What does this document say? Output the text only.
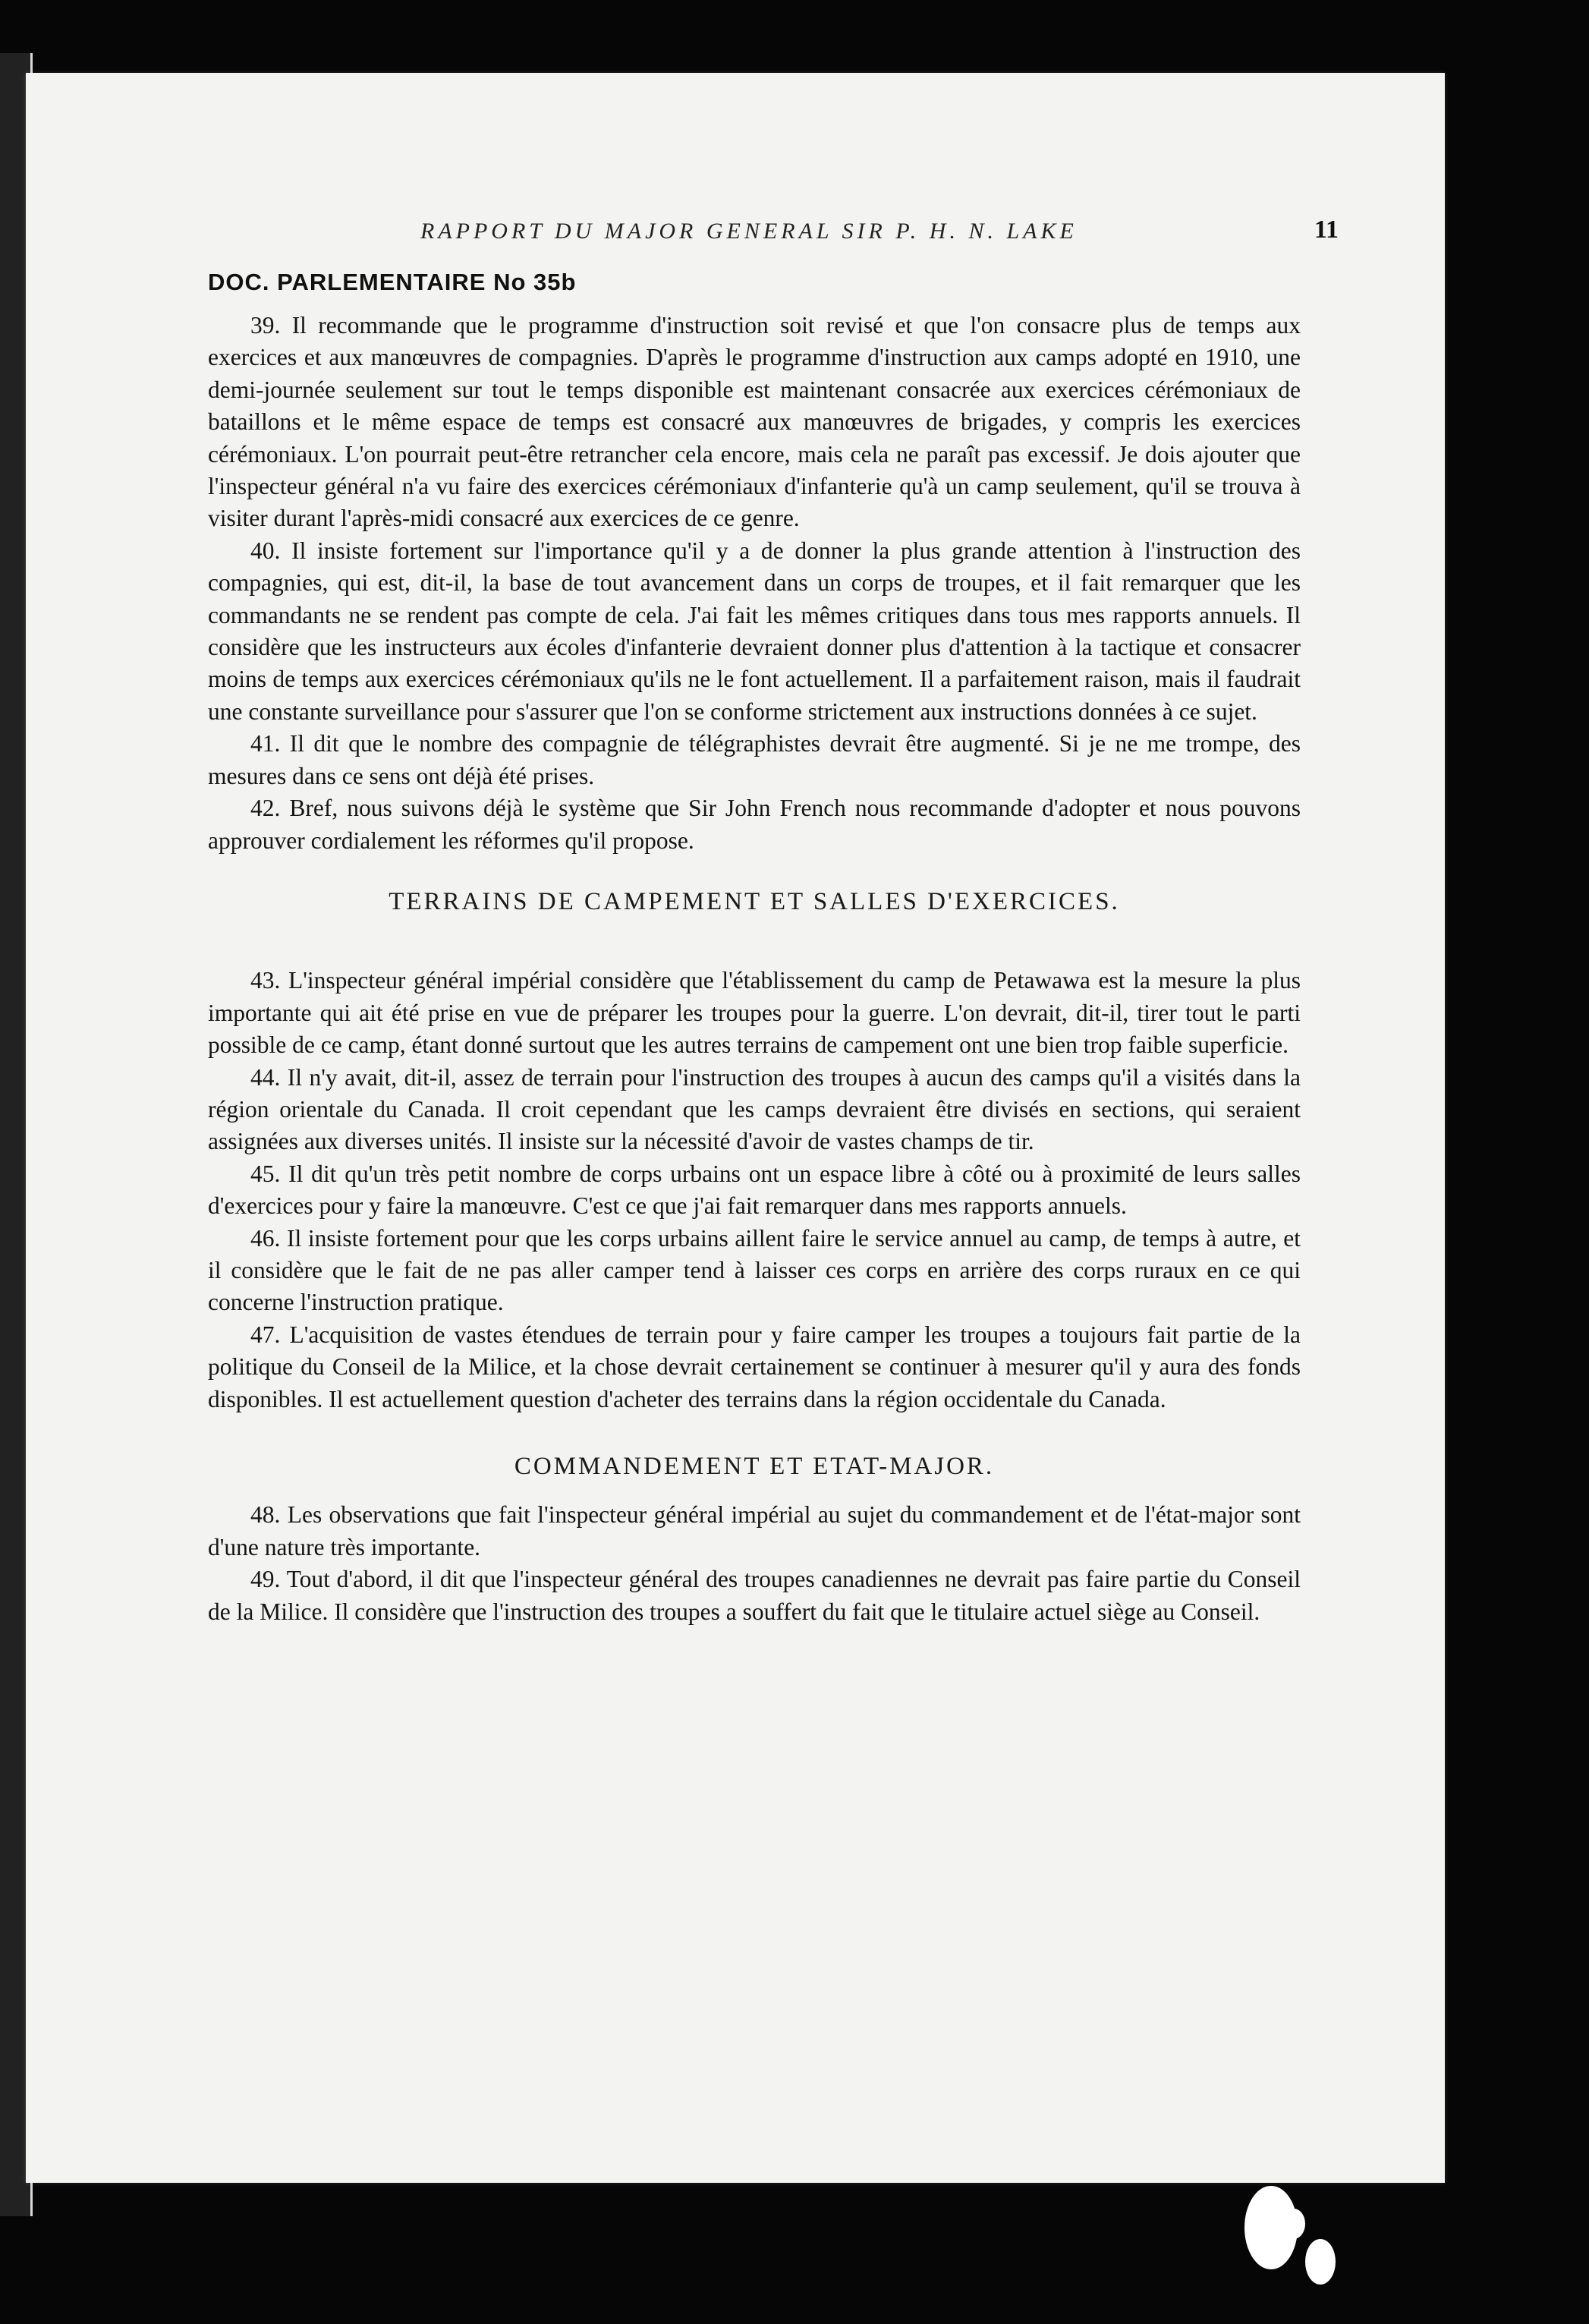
RAPPORT DU MAJOR GENERAL SIR P. H. N. LAKE	11
DOC. PARLEMENTAIRE No 35b

39. Il recommande que le programme d'instruction soit revisé et que l'on consacre plus de temps aux exercices et aux manœuvres de compagnies. D'après le programme d'instruction aux camps adopté en 1910, une demi-journée seulement sur tout le temps disponible est maintenant consacrée aux exercices cérémoniaux de bataillons et le même espace de temps est consacré aux manœuvres de brigades, y compris les exercices cérémoniaux. L'on pourrait peut-être retrancher cela encore, mais cela ne paraît pas excessif. Je dois ajouter que l'inspecteur général n'a vu faire des exercices cérémoniaux d'infanterie qu'à un camp seulement, qu'il se trouva à visiter durant l'après-midi consacré aux exercices de ce genre.

40. Il insiste fortement sur l'importance qu'il y a de donner la plus grande attention à l'instruction des compagnies, qui est, dit-il, la base de tout avancement dans un corps de troupes, et il fait remarquer que les commandants ne se rendent pas compte de cela. J'ai fait les mêmes critiques dans tous mes rapports annuels. Il considère que les instructeurs aux écoles d'infanterie devraient donner plus d'attention à la tactique et consacrer moins de temps aux exercices cérémoniaux qu'ils ne le font actuellement. Il a parfaitement raison, mais il faudrait une constante surveillance pour s'assurer que l'on se conforme strictement aux instructions données à ce sujet.

41. Il dit que le nombre des compagnie de télégraphistes devrait être augmenté. Si je ne me trompe, des mesures dans ce sens ont déjà été prises.

42. Bref, nous suivons déjà le système que Sir John French nous recommande d'adopter et nous pouvons approuver cordialement les réformes qu'il propose.

TERRAINS DE CAMPEMENT ET SALLES D'EXERCICES.

43. L'inspecteur général impérial considère que l'établissement du camp de Petawawa est la mesure la plus importante qui ait été prise en vue de préparer les troupes pour la guerre. L'on devrait, dit-il, tirer tout le parti possible de ce camp, étant donné surtout que les autres terrains de campement ont une bien trop faible superficie.

44. Il n'y avait, dit-il, assez de terrain pour l'instruction des troupes à aucun des camps qu'il a visités dans la région orientale du Canada. Il croit cependant que les camps devraient être divisés en sections, qui seraient assignées aux diverses unités. Il insiste sur la nécessité d'avoir de vastes champs de tir.

45. Il dit qu'un très petit nombre de corps urbains ont un espace libre à côté ou à proximité de leurs salles d'exercices pour y faire la manœuvre. C'est ce que j'ai fait remarquer dans mes rapports annuels.

46. Il insiste fortement pour que les corps urbains aillent faire le service annuel au camp, de temps à autre, et il considère que le fait de ne pas aller camper tend à laisser ces corps en arrière des corps ruraux en ce qui concerne l'instruction pratique.

47. L'acquisition de vastes étendues de terrain pour y faire camper les troupes a toujours fait partie de la politique du Conseil de la Milice, et la chose devrait certainement se continuer à mesurer qu'il y aura des fonds disponibles. Il est actuellement question d'acheter des terrains dans la région occidentale du Canada.

COMMANDEMENT ET ETAT-MAJOR.

48. Les observations que fait l'inspecteur général impérial au sujet du commandement et de l'état-major sont d'une nature très importante.

49. Tout d'abord, il dit que l'inspecteur général des troupes canadiennes ne devrait pas faire partie du Conseil de la Milice. Il considère que l'instruction des troupes a souffert du fait que le titulaire actuel siège au Conseil.
